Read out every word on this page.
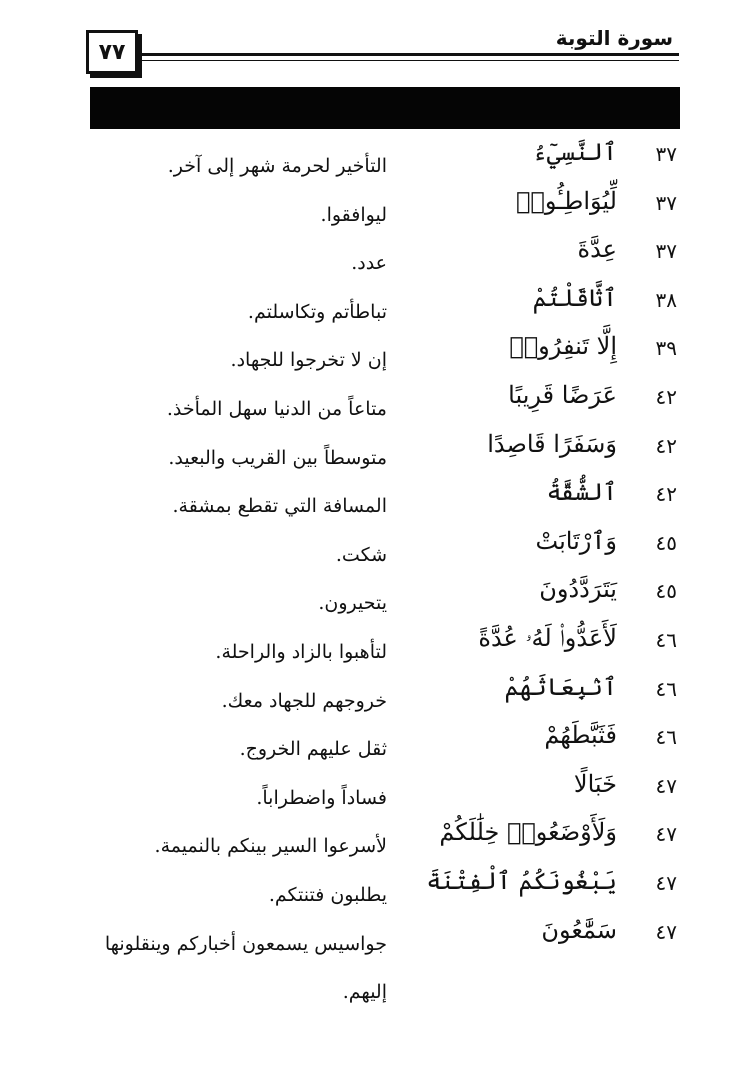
سورة التوبة
٧٧
٣٧
ٱلنَّسِيٓءُ
التأخير لحرمة شهر إلى آخر.
٣٧
لِّيُوَاطِـُٔوا۟
ليوافقوا.
٣٧
عِدَّةَ
عدد.
٣٨
ٱثَّاقَلْتُمْ
تباطأتم وتكاسلتم.
٣٩
إِلَّا تَنفِرُوا۟
إن لا تخرجوا للجهاد.
٤٢
عَرَضًا قَرِيبًا
متاعاً من الدنيا سهل المأخذ.
٤٢
وَسَفَرًا قَاصِدًا
متوسطاً بين القريب والبعيد.
٤٢
ٱلشُّقَّةُ
المسافة التي تقطع بمشقة.
٤٥
وَٱرْتَابَتْ
شكت.
٤٥
يَتَرَدَّدُونَ
يتحيرون.
٤٦
لَأَعَدُّوا۟ لَهُۥ عُدَّةً
لتأهبوا بالزاد والراحلة.
٤٦
ٱنۢبِعَاثَهُمْ
خروجهم للجهاد معك.
٤٦
فَثَبَّطَهُمْ
ثقل عليهم الخروج.
٤٧
خَبَالًا
فساداً واضطراباً.
٤٧
وَلَأَوْضَعُوا۟ خِلَٰلَكُمْ
لأسرعوا السير بينكم بالنميمة.
٤٧
يَبْغُونَكُمُ ٱلْفِتْنَةَ
يطلبون فتنتكم.
٤٧
سَمَّٰعُونَ
جواسيس يسمعون أخباركم وينقلونها إليهم.
